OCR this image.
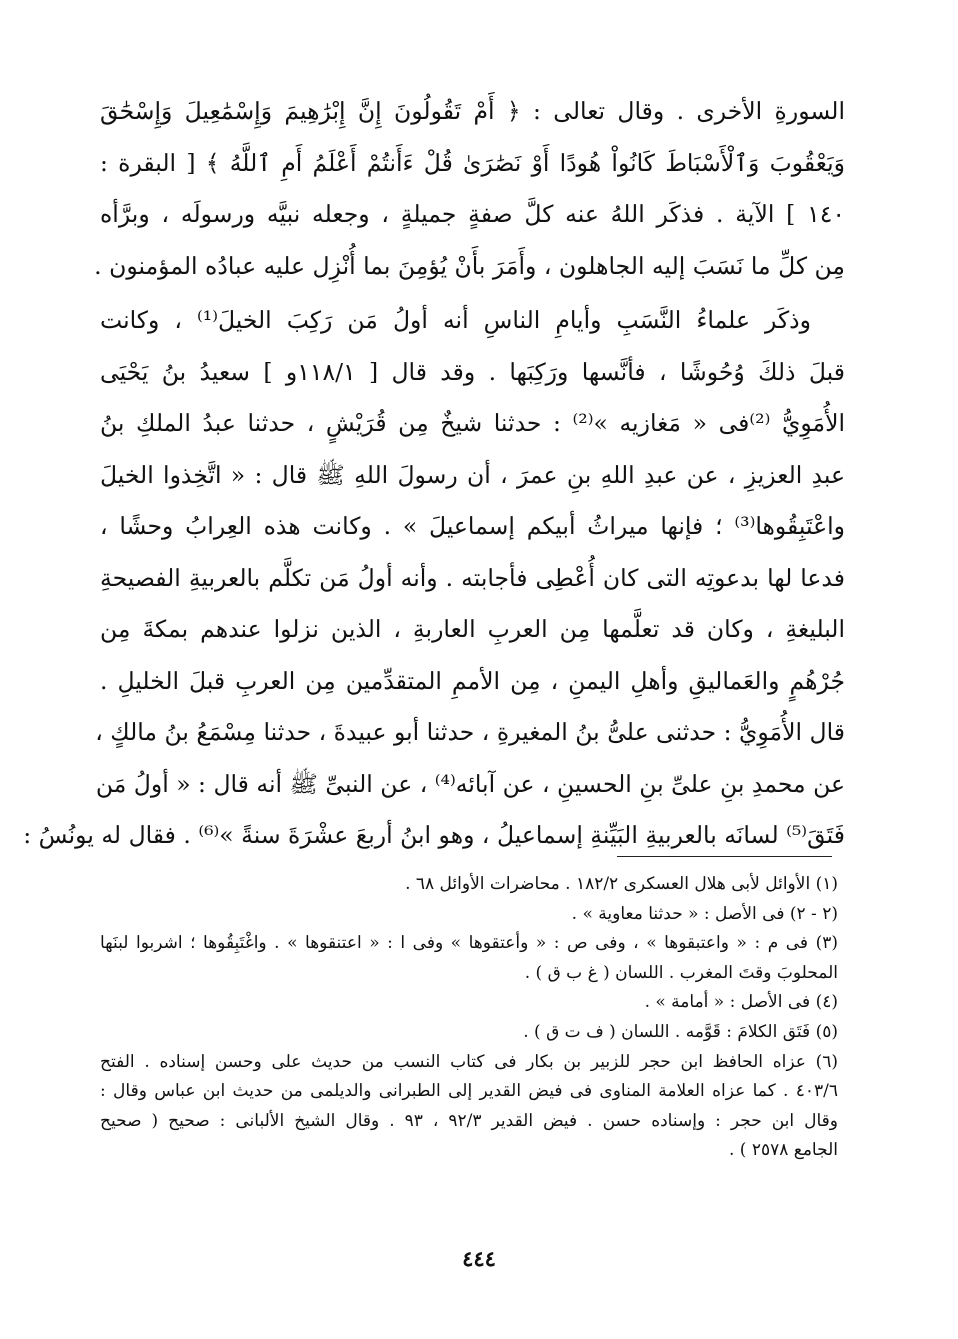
السورةِ الأخرى . وقال تعالى : ﴿ أَمْ تَقُولُونَ إِنَّ إِبْرَٰهِيمَ وَإِسْمَٰعِيلَ وَإِسْحَٰقَ
وَيَعْقُوبَ وَٱلْأَسْبَاطَ كَانُواْ هُودًا أَوْ نَصَٰرَىٰ قُلْ ءَأَنتُمْ أَعْلَمُ أَمِ ٱللَّهُ ﴾ [ البقرة :
١٤٠ ] الآية . فذكَر اللهُ عنه كلَّ صفةٍ جميلةٍ ، وجعله نبيَّه ورسولَه ، وبرَّأه
مِن كلِّ ما نَسَبَ إليه الجاهلون ، وأَمَرَ بأَنْ يُؤمِنَ بما أُنْزِل عليه عبادُه المؤمنون .

وذكَر علماءُ النَّسَبِ وأيامِ الناسِ أنه أولُ مَن رَكِبَ الخيلَ⁽¹⁾ ، وكانت
قبلَ ذلكَ وُحُوشًا ، فأنَّسها ورَكِبَها . وقد قال [ ١١٨/١و ] سعيدُ بنُ يَحْيَى
الأُمَوِيُّ ⁽²⁾فى « مَغازيه »⁽²⁾ : حدثنا شيخٌ مِن قُرَيْشٍ ، حدثنا عبدُ الملكِ بنُ
عبدِ العزيزِ ، عن عبدِ اللهِ بنِ عمرَ ، أن رسولَ اللهِ ﷺ قال : « اتَّخِذوا الخيلَ
واعْتَبِقُوها⁽³⁾ ؛ فإنها ميراثُ أبيكم إسماعيلَ » . وكانت هذه العِرابُ وحشًا ،
فدعا لها بدعوتِه التى كان أُعْطِى فأجابته . وأنه أولُ مَن تكلَّم بالعربيةِ الفصيحةِ
البليغةِ ، وكان قد تعلَّمها مِن العربِ العاربةِ ، الذين نزلوا عندهم بمكةَ مِن
جُرْهُمٍ والعَماليقِ وأهلِ اليمنِ ، مِن الأممِ المتقدِّمين مِن العربِ قبلَ الخليلِ .
قال الأُمَوِيُّ : حدثنى علىُّ بنُ المغيرةِ ، حدثنا أبو عبيدةَ ، حدثنا مِسْمَعُ بنُ مالكٍ ،
عن محمدِ بنِ علىِّ بنِ الحسينِ ، عن آبائه⁽⁴⁾ ، عن النبىِّ ﷺ أنه قال : « أولُ مَن
فَتَقَ⁽⁵⁾ لسانَه بالعربيةِ البَيِّنةِ إسماعيلُ ، وهو ابنُ أربعَ عشْرَةَ سنةً »⁽⁶⁾ . فقال له يونُسُ :

(١) الأوائل لأبى هلال العسكرى ١٨٢/٢ . محاضرات الأوائل ٦٨ .
(٢ - ٢) فى الأصل : « حدثنا معاوية » .
(٣) فى م : « واعتبقوها » ، وفى ص : « وأعتقوها » وفى ا : « اعتنقوها » . واغْتَبِقُوها ؛ اشربوا لبنَها
المحلوبَ وقتَ المغرب . اللسان ( غ ب ق ) .
(٤) فى الأصل : « أمامة » .
(٥) فَتَق الكلامَ : قَوَّمه . اللسان ( ف ت ق ) .
(٦) عزاه الحافظ ابن حجر للزبير بن بكار فى كتاب النسب من حديث على وحسن إسناده . الفتح
٤٠٣/٦ . كما عزاه العلامة المناوى فى فيض القدير إلى الطبرانى والديلمى من حديث ابن عباس وقال :
وقال ابن حجر : وإسناده حسن . فيض القدير ٩٢/٣ ، ٩٣ . وقال الشيخ الألبانى : صحيح ( صحيح
الجامع ٢٥٧٨ ) .
٤٤٤
